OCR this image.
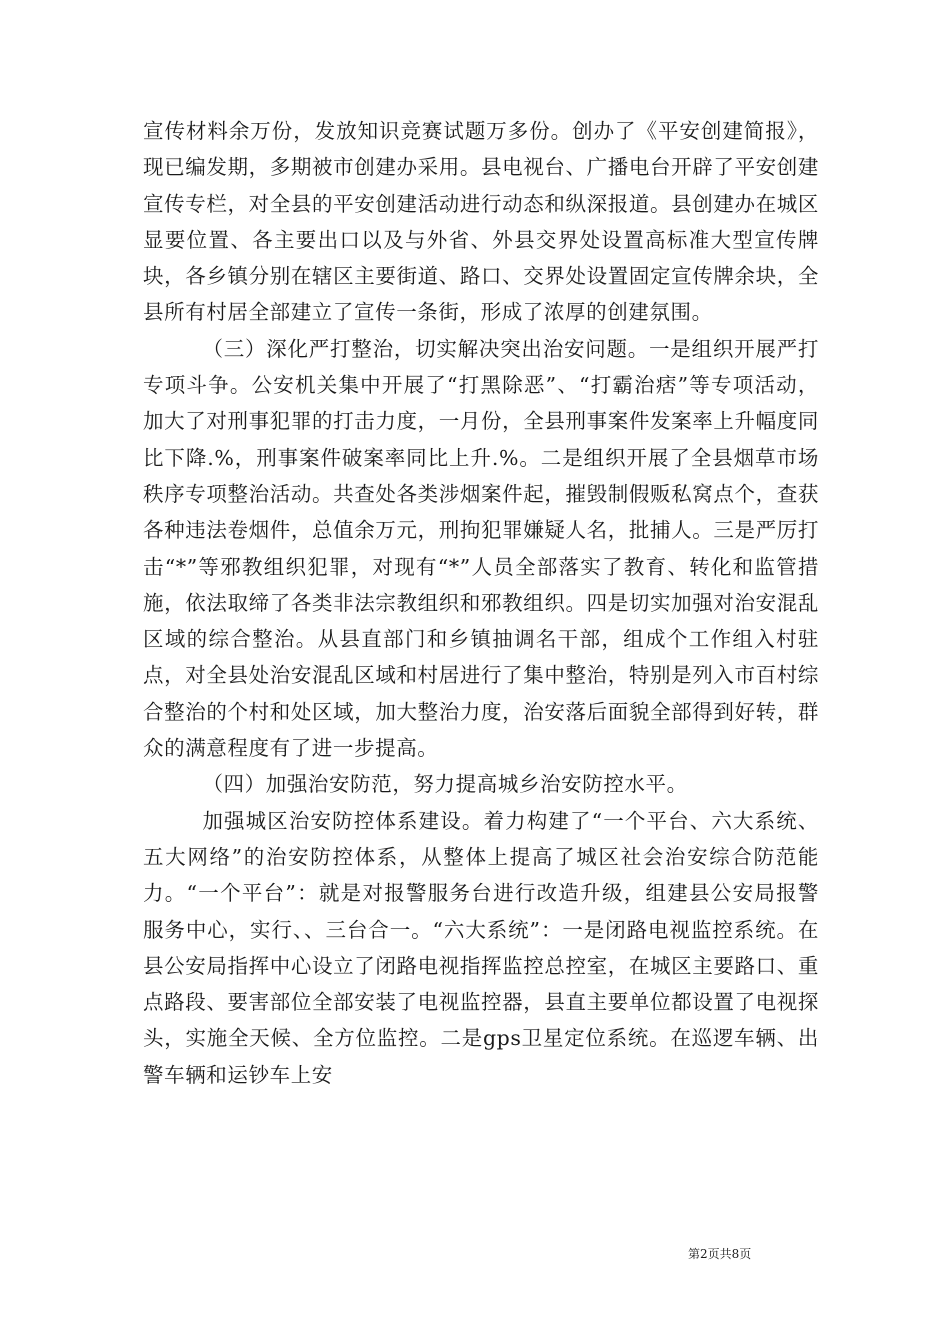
宣传材料余万份，发放知识竞赛试题万多份。创办了《平安创建简报》，现已编发期，多期被市创建办采用。县电视台、广播电台开辟了平安创建宣传专栏，对全县的平安创建活动进行动态和纵深报道。县创建办在城区显要位置、各主要出口以及与外省、外县交界处设置高标准大型宣传牌块，各乡镇分别在辖区主要街道、路口、交界处设置固定宣传牌余块，全县所有村居全部建立了宣传一条街，形成了浓厚的创建氛围。

（三）深化严打整治，切实解决突出治安问题。一是组织开展严打专项斗争。公安机关集中开展了“打黑除恶”、“打霸治痞”等专项活动，加大了对刑事犯罪的打击力度，一月份，全县刑事案件发案率上升幅度同比下降.%，刑事案件破案率同比上升.%。二是组织开展了全县烟草市场秩序专项整治活动。共查处各类涉烟案件起，摧毁制假贩私窝点个，查获各种违法卷烟件，总值余万元，刑拘犯罪嫌疑人名，批捕人。三是严厉打击“*”等邪教组织犯罪，对现有“*”人员全部落实了教育、转化和监管措施，依法取缔了各类非法宗教组织和邪教组织。四是切实加强对治安混乱区域的综合整治。从县直部门和乡镇抽调名干部，组成个工作组入村驻点，对全县处治安混乱区域和村居进行了集中整治，特别是列入市百村综合整治的个村和处区域，加大整治力度，治安落后面貌全部得到好转，群众的满意程度有了进一步提高。

（四）加强治安防范，努力提高城乡治安防控水平。

加强城区治安防控体系建设。着力构建了“一个平台、六大系统、五大网络”的治安防控体系，从整体上提高了城区社会治安综合防范能力。“一个平台”：就是对报警服务台进行改造升级，组建县公安局报警服务中心，实行、、三台合一。“六大系统”：一是闭路电视监控系统。在县公安局指挥中心设立了闭路电视指挥监控总控室，在城区主要路口、重点路段、要害部位全部安装了电视监控器，县直主要单位都设置了电视探头，实施全天候、全方位监控。二是gps卫星定位系统。在巡逻车辆、出警车辆和运钞车上安

第2页共8页
